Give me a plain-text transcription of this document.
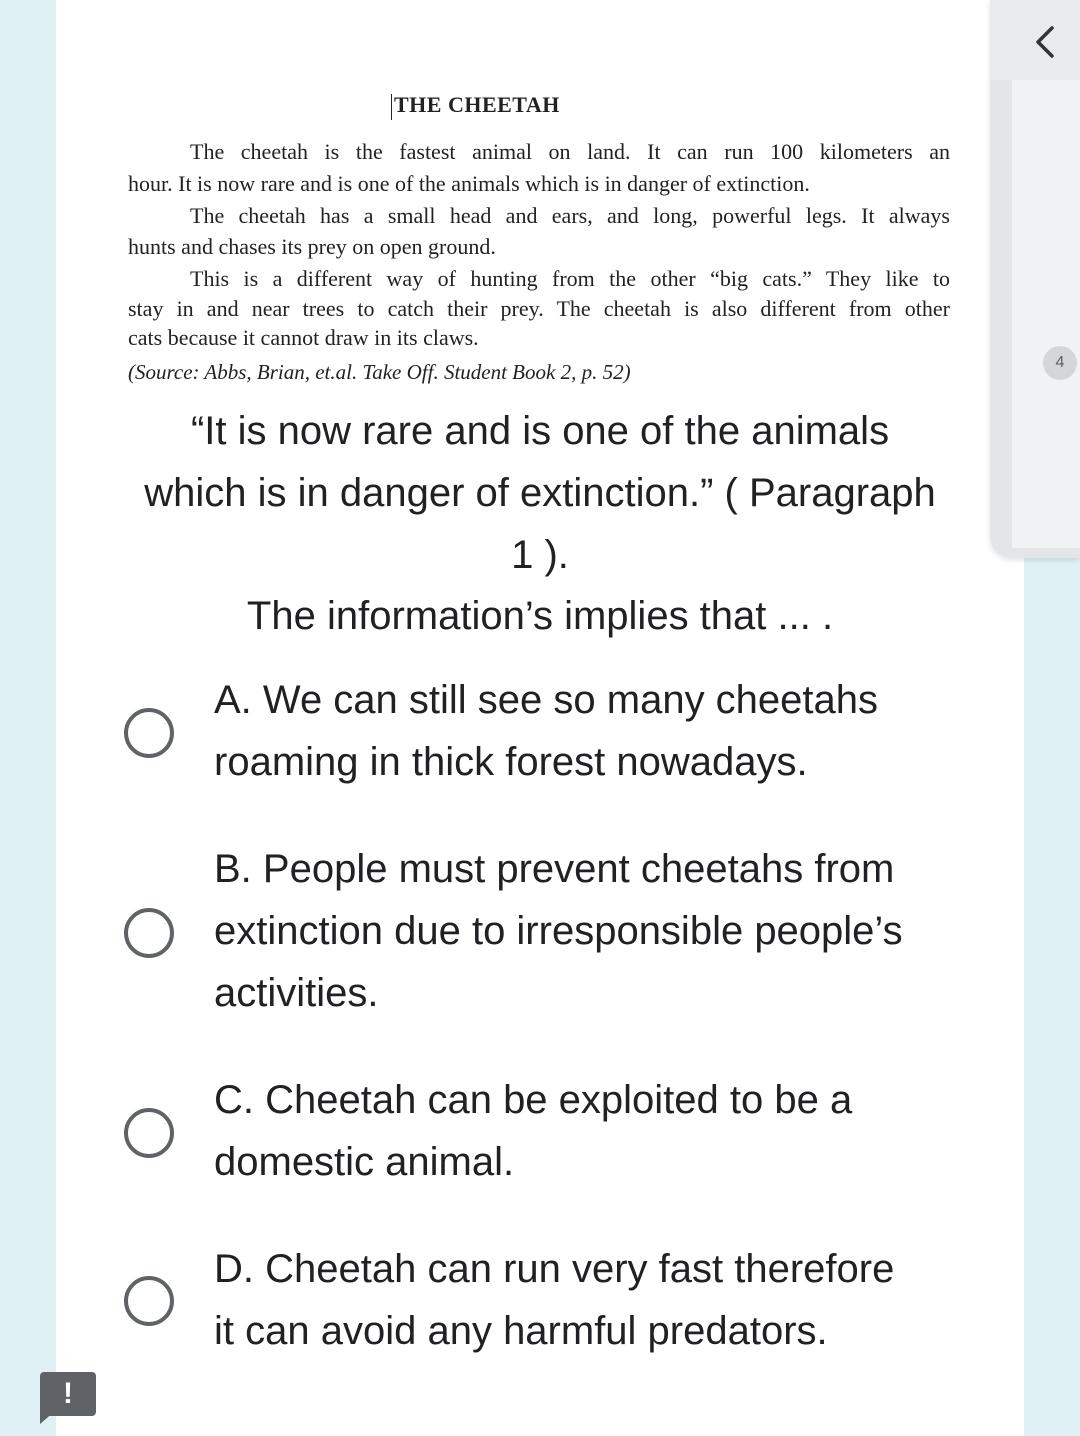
THE CHEETAH
The cheetah is the fastest animal on land. It can run 100 kilometers an
hour. It is now rare and is one of the animals which is in danger of extinction.
The cheetah has a small head and ears, and long, powerful legs. It always
hunts and chases its prey on open ground.
This is a different way of hunting from the other “big cats.” They like to
stay in and near trees to catch their prey. The cheetah is also different from other
cats because it cannot draw in its claws.
(Source: Abbs, Brian, et.al. Take Off. Student Book 2, p. 52)
“It is now rare and is one of the animals
which is in danger of extinction.” ( Paragraph
1 ).
The information’s implies that ... .
A. We can still see so many cheetahs
roaming in thick forest nowadays.
B. People must prevent cheetahs from
extinction due to irresponsible people’s
activities.
C. Cheetah can be exploited to be a
domestic animal.
D. Cheetah can run very fast therefore
it can avoid any harmful predators.
4
!
